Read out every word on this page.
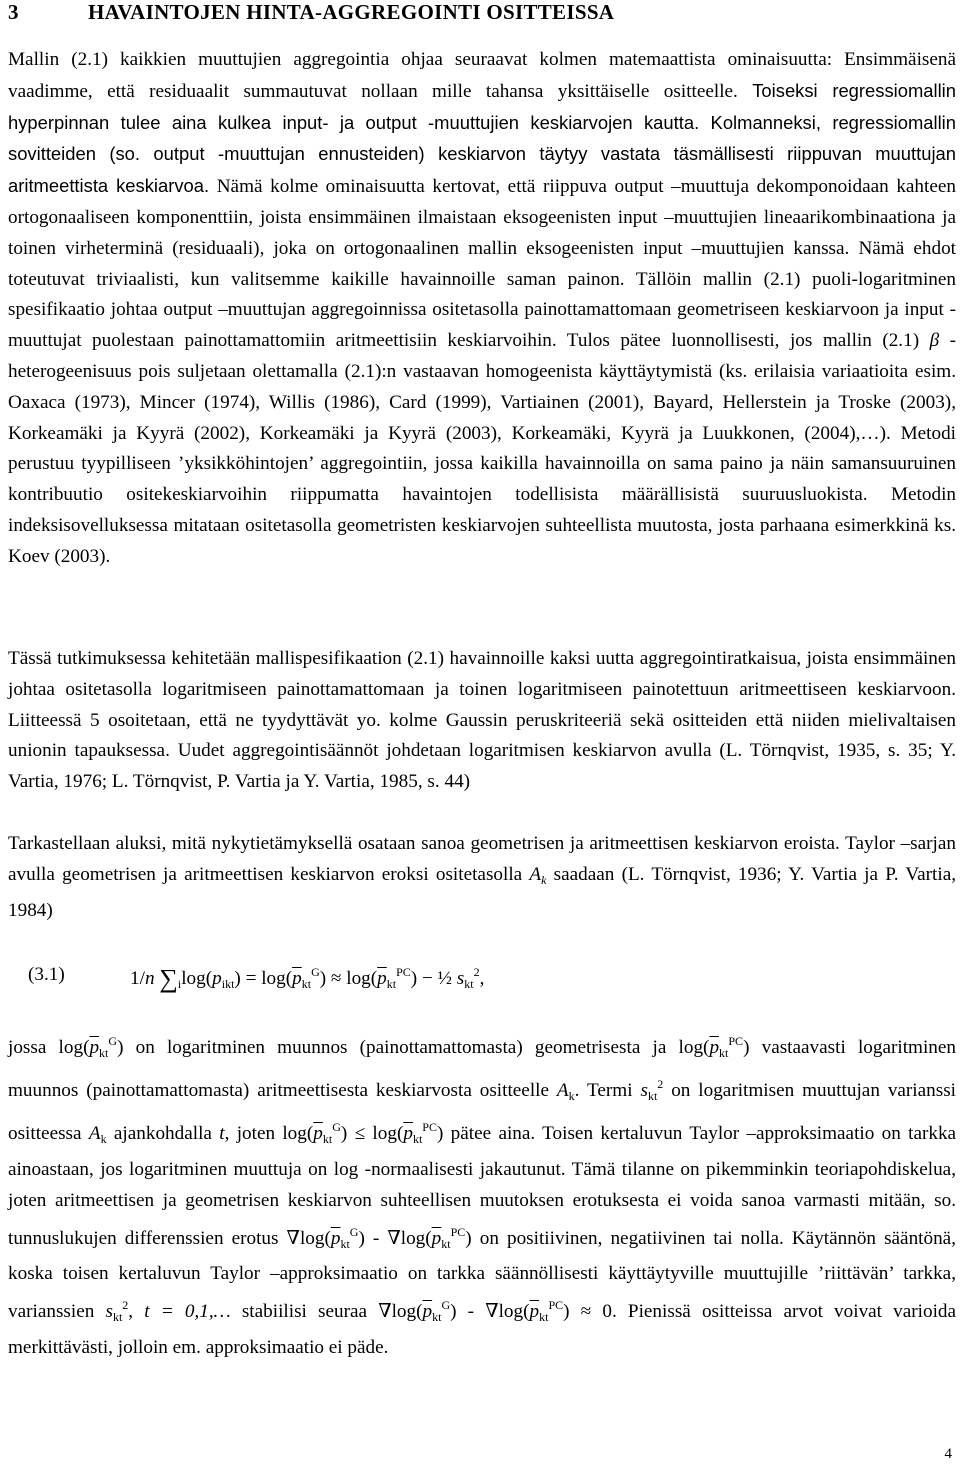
3	HAVAINTOJEN HINTA-AGGREGOINTI OSITTEISSA

Mallin (2.1) kaikkien muuttujien aggregointia ohjaa seuraavat kolmen matemaattista ominaisuutta: Ensimmäisenä vaadimme, että residuaalit summautuvat nollaan mille tahansa yksittäiselle ositteelle. Toiseksi regressiomallin hyperpinnan tulee aina kulkea input- ja output -muuttujien keskiarvojen kautta. Kolmanneksi, regressiomallin sovitteiden (so. output -muuttujan ennusteiden) keskiarvon täytyy vastata täsmällisesti riippuvan muuttujan aritmeettista keskiarvoa. Nämä kolme ominaisuutta kertovat, että riippuva output –muuttuja dekomponoidaan kahteen ortogonaaliseen komponenttiin, joista ensimmäinen ilmaistaan eksogeenisten input –muuttujien lineaarikombinaationa ja toinen virheterminä (residuaali), joka on ortogonaalinen mallin eksogeenisten input –muuttujien kanssa. Nämä ehdot toteutuvat triviaalisti, kun valitsemme kaikille havainnoille saman painon. Tällöin mallin (2.1) puoli-logaritminen spesifikaatio johtaa output –muuttujan aggregoinnissa ositetasolla painottamattomaan geometriseen keskiarvoon ja input -muuttujat puolestaan painottamattomiin aritmeettisiin keskiarvoihin. Tulos pätee luonnollisesti, jos mallin (2.1) β -heterogeenisuus pois suljetaan olettamalla (2.1):n vastaavan homogeenista käyttäytymistä (ks. erilaisia variaatioita esim. Oaxaca (1973), Mincer (1974), Willis (1986), Card (1999), Vartiainen (2001), Bayard, Hellerstein ja Troske (2003), Korkeamäki ja Kyyrä (2002), Korkeamäki ja Kyyrä (2003), Korkeamäki, Kyyrä ja Luukkonen, (2004),…). Metodi perustuu tyypilliseen ’yksikköhintojen’ aggregointiin, jossa kaikilla havainnoilla on sama paino ja näin samansuuruinen kontribuutio ositekeskiarvoihin riippumatta havaintojen todellisista määrällisistä suuruusluokista. Metodin indeksisovelluksessa mitataan ositetasolla geometristen keskiarvojen suhteellista muutosta, josta parhaana esimerkkinä ks. Koev (2003).

Tässä tutkimuksessa kehitetään mallispesifikaation (2.1) havainnoille kaksi uutta aggregointiratkaisua, joista ensimmäinen johtaa ositetasolla logaritmiseen painottamattomaan ja toinen logaritmiseen painotettuun aritmeettiseen keskiarvoon. Liitteessä 5 osoitetaan, että ne tyydyttävät yo. kolme Gaussin peruskriteeriä sekä ositteiden että niiden mielivaltaisen unionin tapauksessa. Uudet aggregointisäännöt johdetaan logaritmisen keskiarvon avulla (L. Törnqvist, 1935, s. 35; Y. Vartia, 1976; L. Törnqvist, P. Vartia ja Y. Vartia, 1985, s. 44)

Tarkastellaan aluksi, mitä nykytietämyksellä osataan sanoa geometrisen ja aritmeettisen keskiarvon eroista. Taylor –sarjan avulla geometrisen ja aritmeettisen keskiarvon eroksi ositetasolla $A_k$ saadaan (L. Törnqvist, 1936; Y. Vartia ja P. Vartia, 1984)

(3.1)	1/n $\sum_i\log(p_{ikt}) = \log(\overline{p}_{kt}^G) \approx \log(\overline{p}_{kt}^{PC})$ − ½ $s_{kt}^2$,

jossa $\log(\overline{p}_{kt}^G)$ on logaritminen muunnos (painottamattomasta) geometrisesta ja $\log(\overline{p}_{kt}^{PC})$ vastaavasti logaritminen muunnos (painottamattomasta) aritmeettisesta keskiarvosta ositteelle $A_k$. Termi $s_{kt}^2$ on logaritmisen muuttujan varianssi ositteessa $A_k$ ajankohdalla t, joten $\log(\overline{p}_{kt}^G) \le \log(\overline{p}_{kt}^{PC})$ pätee aina. Toisen kertaluvun Taylor –approksimaatio on tarkka ainoastaan, jos logaritminen muuttuja on log -normaalisesti jakautunut. Tämä tilanne on pikemminkin teoriapohdiskelua, joten aritmeettisen ja geometrisen keskiarvon suhteellisen muutoksen erotuksesta ei voida sanoa varmasti mitään, so. tunnuslukujen differenssien erotus $\nabla\log(\overline{p}_{kt}^G) - \nabla\log(\overline{p}_{kt}^{PC})$ on positiivinen, negatiivinen tai nolla. Käytännön sääntönä, koska toisen kertaluvun Taylor –approksimaatio on tarkka säännöllisesti käyttäytyville muuttujille ’riittävän’ tarkka, varianssien $s_{kt}^2$, t = 0,1,… stabiilisi seuraa $\nabla\log(\overline{p}_{kt}^G) - \nabla\log(\overline{p}_{kt}^{PC}) \approx 0$. Pienissä ositteissa arvot voivat varioida merkittävästi, jolloin em. approksimaatio ei päde.

4
